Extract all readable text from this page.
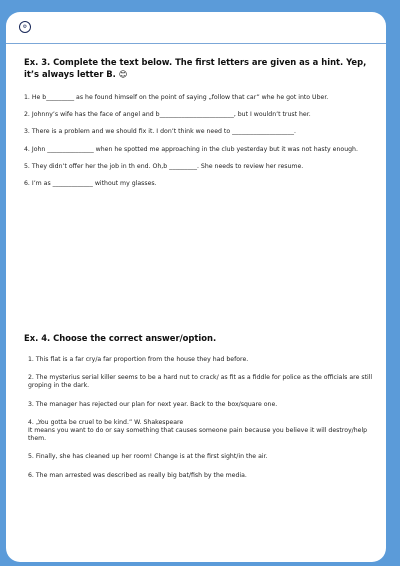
⚙

Ex. 3. Complete the text below. The first letters are given as a hint. Yep, it’s always letter B. 😊

1. He b_________ as he found himself on the point of saying „follow that car” whe he got into Uber.

2. Johnny’s wife has the face of angel and b________________________, but I wouldn’t trust her.

3. There is a problem and we should fix it. I don’t think we need to ____________________.

4. John _______________ when he spotted me approaching in the club yesterday but it was not hasty enough.

5. They didn’t offer her the job in th end. Oh,b _________. She needs to review her resume.

6. I’m as _____________ without my glasses.

Ex. 4. Choose the correct answer/option.

1. This flat is a far cry/a far proportion from the house they had before.

2. The mysterius serial killer seems to be a hard nut to crack/ as fit as a fiddle for police as the officials are still groping in the dark.

3. The manager has rejected our plan for next year. Back to the box/square one.

4. „You gotta be cruel to be kind.” W. Shakespeare
It means you want to do or say something that causes someone pain because you believe it will destroy/help them.

5. Finally, she has cleaned up her room! Change is at the first sight/in the air.

6. The man arrested was described as really big bat/fish by the media.
